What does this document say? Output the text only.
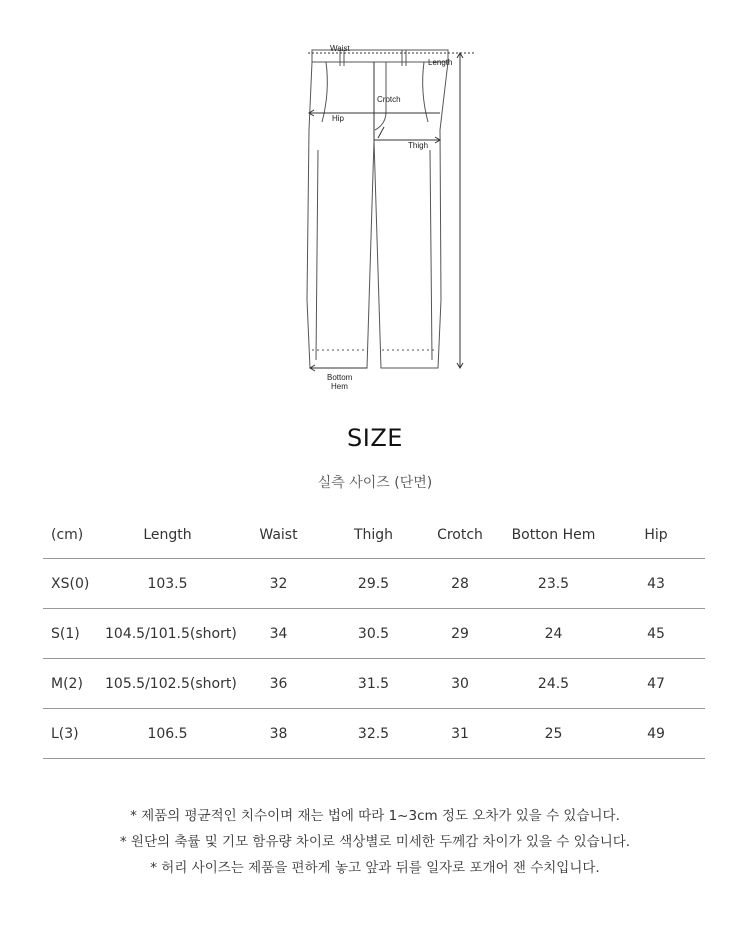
Waist
Length
Crotch
Hip
Thigh
Bottom
Hem
SIZE
실측 사이즈 (단면)
(cm)	Length	Waist	Thigh	Crotch	Botton Hem	Hip
XS(0)	103.5	32	29.5	28	23.5	43
S(1)	104.5/101.5(short)	34	30.5	29	24	45
M(2)	105.5/102.5(short)	36	31.5	30	24.5	47
L(3)	106.5	38	32.5	31	25	49

* 제품의 평균적인 치수이며 재는 법에 따라 1~3cm 정도 오차가 있을 수 있습니다.

* 원단의 축률 및 기모 함유량 차이로 색상별로 미세한 두께감 차이가 있을 수 있습니다.

* 허리 사이즈는 제품을 편하게 놓고 앞과 뒤를 일자로 포개어 잰 수치입니다.
